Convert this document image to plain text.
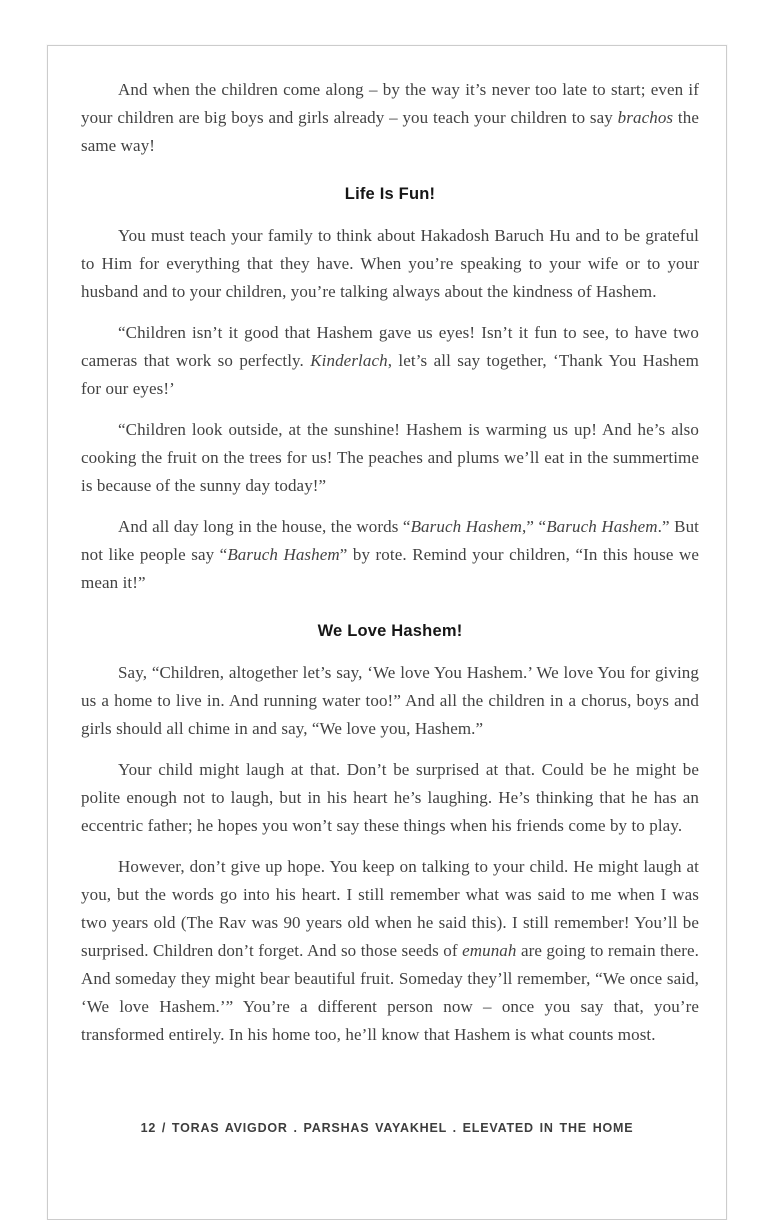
And when the children come along – by the way it’s never too late to start; even if your children are big boys and girls already – you teach your children to say brachos the same way!

Life Is Fun!

You must teach your family to think about Hakadosh Baruch Hu and to be grateful to Him for everything that they have. When you’re speaking to your wife or to your husband and to your children, you’re talking always about the kindness of Hashem.

“Children isn’t it good that Hashem gave us eyes! Isn’t it fun to see, to have two cameras that work so perfectly. Kinderlach, let’s all say together, ‘Thank You Hashem for our eyes!’

“Children look outside, at the sunshine! Hashem is warming us up! And he’s also cooking the fruit on the trees for us! The peaches and plums we’ll eat in the summertime is because of the sunny day today!”

And all day long in the house, the words “Baruch Hashem,” “Baruch Hashem.” But not like people say “Baruch Hashem” by rote. Remind your children, “In this house we mean it!”

We Love Hashem!

Say, “Children, altogether let’s say, ‘We love You Hashem.’ We love You for giving us a home to live in. And running water too!” And all the children in a chorus, boys and girls should all chime in and say, “We love you, Hashem.”

Your child might laugh at that. Don’t be surprised at that. Could be he might be polite enough not to laugh, but in his heart he’s laughing. He’s thinking that he has an eccentric father; he hopes you won’t say these things when his friends come by to play.

However, don’t give up hope. You keep on talking to your child. He might laugh at you, but the words go into his heart. I still remember what was said to me when I was two years old (The Rav was 90 years old when he said this). I still remember! You’ll be surprised. Children don’t forget. And so those seeds of emunah are going to remain there. And someday they might bear beautiful fruit. Someday they’ll remember, “We once said, ‘We love Hashem.’” You’re a different person now – once you say that, you’re transformed entirely. In his home too, he’ll know that Hashem is what counts most.

12 / TORAS AVIGDOR . PARSHAS VAYAKHEL . ELEVATED IN THE HOME
